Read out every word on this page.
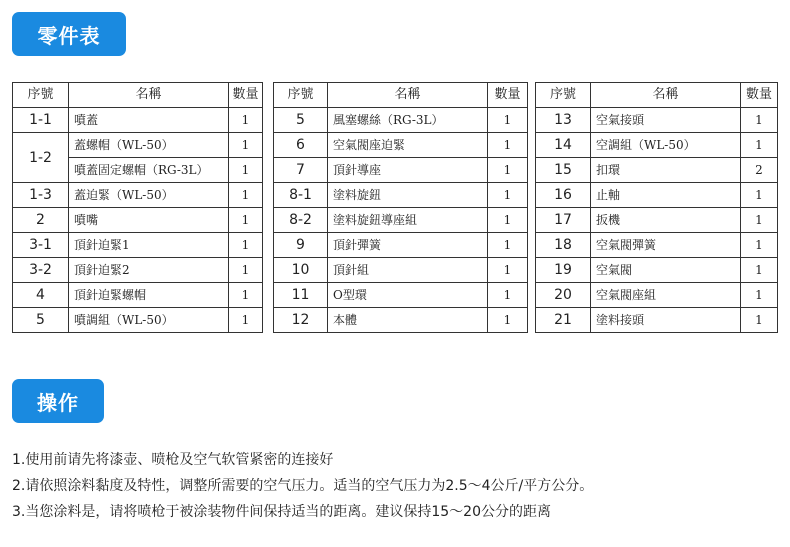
零件表
序號	名稱	數量
1-1	噴蓋	1
1-2	蓋螺帽（WL-50）	1
	噴蓋固定螺帽（RG-3L）	1
1-3	蓋迫緊（WL-50）	1
2	噴嘴	1
3-1	頂針迫緊1	1
3-2	頂針迫緊2	1
4	頂針迫緊螺帽	1
5	噴調組（WL-50）	1
序號	名稱	數量
5	風塞螺絲（RG-3L）	1
6	空氣閥座迫緊	1
7	頂針導座	1
8-1	塗料旋鈕	1
8-2	塗料旋鈕導座組	1
9	頂針彈簧	1
10	頂針組	1
11	O型環	1
12	本體	1
序號	名稱	數量
13	空氣接頭	1
14	空調組（WL-50）	1
15	扣環	2
16	止軸	1
17	扳機	1
18	空氣閥彈簧	1
19	空氣閥	1
20	空氣閥座組	1
21	塗料接頭	1
操作
1.使用前请先将漆壶、喷枪及空气软管紧密的连接好
2.请依照涂料黏度及特性，调整所需要的空气压力。适当的空气压力为2.5～4公斤/平方公分。
3.当您涂料是，请将喷枪于被涂装物件间保持适当的距离。建议保持15～20公分的距离
